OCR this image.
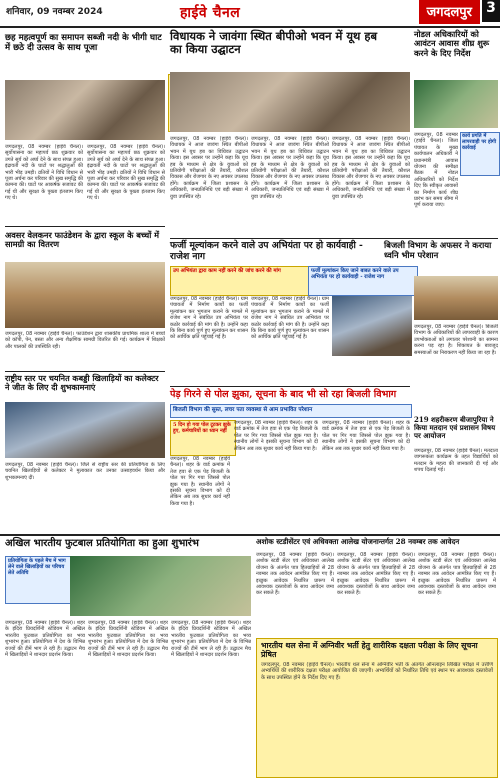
शनिवार, 09 नवम्बर 2024	हाईवे चैनल	जगदलपुर	3
छह महत्वपूर्ण का समापन सब्जी नदी के भीगी घाट में छठे दी उत्सव के साथ पूजा
जगदलपुर, 08 नवम्बर (हाईवे चैनल)। सूर्योपासना का महापर्व छठ शुक्रवार को उगते सूर्य को अर्घ्य देने के साथ संपन्न हुआ। इंद्रावती नदी के घाटों पर श्रद्धालुओं की भारी भीड़ उमड़ी। व्रतियों ने विधि विधान से पूजा अर्चना कर परिवार की सुख समृद्धि की कामना की। घाटों पर आकर्षक सजावट की गई थी और सुरक्षा के पुख्ता इंतजाम किए गए थे।
जगदलपुर, 08 नवम्बर (हाईवे चैनल)। सूर्योपासना का महापर्व छठ शुक्रवार को उगते सूर्य को अर्घ्य देने के साथ संपन्न हुआ। इंद्रावती नदी के घाटों पर श्रद्धालुओं की भारी भीड़ उमड़ी। व्रतियों ने विधि विधान से पूजा अर्चना कर परिवार की सुख समृद्धि की कामना की। घाटों पर आकर्षक सजावट की गई थी और सुरक्षा के पुख्ता इंतजाम किए गए थे।
अवसर वेलकनर फाउंडेशन के द्वारा स्कूल के बच्चों में सामग्री का वितरण
जगदलपुर, 08 नवम्बर (हाईवे चैनल)। फाउंडेशन द्वारा शासकीय प्राथमिक शाला में बच्चों को कॉपी, पेन, बस्ता और अन्य शैक्षणिक सामग्री वितरित की गई। कार्यक्रम में शिक्षकों और पालकों की उपस्थिति रही।
राष्ट्रीय स्तर पर चयनित कबड्डी खिलाड़ियों का कलेक्टर ने जीत के लिए दी शुभकामनाएं
विधायक ने जावंगा स्थित बीपीओ भवन में यूथ हब का किया उद्घाटन
जगदलपुर, 08 नवम्बर (हाईवे चैनल)। विधायक ने आज जावंगा स्थित बीपीओ भवन में यूथ हब का विधिवत उद्घाटन किया। इस अवसर पर उन्होंने कहा कि यूथ हब के माध्यम से क्षेत्र के युवाओं को प्रतियोगी परीक्षाओं की तैयारी, कौशल विकास और रोजगार के नए अवसर उपलब्ध होंगे। कार्यक्रम में जिला प्रशासन के अधिकारी, जनप्रतिनिधि एवं बड़ी संख्या में युवा उपस्थित रहे।
जगदलपुर, 08 नवम्बर (हाईवे चैनल)। विधायक ने आज जावंगा स्थित बीपीओ भवन में यूथ हब का विधिवत उद्घाटन किया। इस अवसर पर उन्होंने कहा कि यूथ हब के माध्यम से क्षेत्र के युवाओं को प्रतियोगी परीक्षाओं की तैयारी, कौशल विकास और रोजगार के नए अवसर उपलब्ध होंगे। कार्यक्रम में जिला प्रशासन के अधिकारी, जनप्रतिनिधि एवं बड़ी संख्या में युवा उपस्थित रहे।
जगदलपुर, 08 नवम्बर (हाईवे चैनल)। विधायक ने आज जावंगा स्थित बीपीओ भवन में यूथ हब का विधिवत उद्घाटन किया। इस अवसर पर उन्होंने कहा कि यूथ हब के माध्यम से क्षेत्र के युवाओं को प्रतियोगी परीक्षाओं की तैयारी, कौशल विकास और रोजगार के नए अवसर उपलब्ध होंगे। कार्यक्रम में जिला प्रशासन के अधिकारी, जनप्रतिनिधि एवं बड़ी संख्या में युवा उपस्थित रहे।
नोडल अधिकारियों को आवंटन आवास शीघ्र शुरू करने के दिए निर्देश
जगदलपुर, 08 नवम्बर (हाईवे चैनल)। जिला पंचायत के मुख्य कार्यपालन अधिकारी ने प्रधानमंत्री आवास योजना की समीक्षा बैठक में नोडल अधिकारियों को निर्देश दिए कि स्वीकृत आवासों का निर्माण कार्य शीघ्र प्रारंभ कर समय सीमा में पूर्ण कराया जाए।
कार्य प्रगति में लापरवाही पर होगी कार्रवाई
फर्जी मूल्यांकन करने वाले उप अभियंता पर हो कार्यवाही - राजेश नाग
उप अभियंता द्वारा काम नहीं करने की जांच करने की मांग	फर्जी मूल्यांकन किए जाने बाबत करने वाले उप अभियंता पर हो कार्यवाही - राजेश नाग
जगदलपुर, 08 नवम्बर (हाईवे चैनल)। ग्राम पंचायतों में निर्माण कार्यों का फर्जी मूल्यांकन कर भुगतान कराने के मामले में राजेश नाग ने संबंधित उप अभियंता पर कठोर कार्रवाई की मांग की है। उन्होंने कहा कि बिना कार्य पूर्ण हुए मूल्यांकन कर शासन को आर्थिक क्षति पहुंचाई गई है।
जगदलपुर, 08 नवम्बर (हाईवे चैनल)। ग्राम पंचायतों में निर्माण कार्यों का फर्जी मूल्यांकन कर भुगतान कराने के मामले में राजेश नाग ने संबंधित उप अभियंता पर कठोर कार्रवाई की मांग की है। उन्होंने कहा कि बिना कार्य पूर्ण हुए मूल्यांकन कर शासन को आर्थिक क्षति पहुंचाई गई है।
बिजली विभाग के अफसर ने कराया ध्वनि भीम परेशान
जगदलपुर, 08 नवम्बर (हाईवे चैनल)। बिजली विभाग के अधिकारियों की लापरवाही के कारण उपभोक्ताओं को लगातार परेशानी का सामना करना पड़ रहा है। शिकायत के बावजूद समस्याओं का निराकरण नहीं किया जा रहा है।
पेड़ गिरने से पोल झुका, सूचना के बाद भी सो रहा बिजली विभाग
बिजली विभाग की सुस्त, लचर पता व्यवस्था से आम प्रभावित परेशान
5 दिन हो गया पोल टूटकर झुके हुए, कर्मचारियों का ध्यान नहीं
जगदलपुर, 08 नवम्बर (हाईवे चैनल)। शहर के वार्ड क्रमांक में तेज हवा से एक पेड़ बिजली के पोल पर गिर गया जिससे पोल झुक गया है। स्थानीय लोगों ने इसकी सूचना विभाग को दी लेकिन अब तक सुधार कार्य नहीं किया गया है।
जगदलपुर, 08 नवम्बर (हाईवे चैनल)। शहर के वार्ड क्रमांक में तेज हवा से एक पेड़ बिजली के पोल पर गिर गया जिससे पोल झुक गया है। स्थानीय लोगों ने इसकी सूचना विभाग को दी लेकिन अब तक सुधार कार्य नहीं किया गया है।
जगदलपुर, 08 नवम्बर (हाईवे चैनल)। शहर के वार्ड क्रमांक में तेज हवा से एक पेड़ बिजली के पोल पर गिर गया जिससे पोल झुक गया है। स्थानीय लोगों ने इसकी सूचना विभाग को दी लेकिन अब तक सुधार कार्य नहीं किया गया है।
जगदलपुर, 08 नवम्बर (हाईवे चैनल)। जिले से राष्ट्रीय स्तर की प्रतियोगिता के लिए चयनित खिलाड़ियों से कलेक्टर ने मुलाकात कर उनका उत्साहवर्धन किया और शुभकामनाएं दीं।
219 शहरीकरण बीजापुरिया ने किया मतदान एवं प्रशासन विषय पर आयोजन
जगदलपुर, 08 नवम्बर (हाईवे चैनल)। मतदाता जागरूकता कार्यक्रम के तहत विद्यार्थियों को मतदान के महत्व की जानकारी दी गई और शपथ दिलाई गई।
अखिल भारतीय फुटबाल प्रतियोगिता का हुआ शुभारंभ
प्रतियोगिता के पहले मैच में भाग लेने वाले खिलाड़ियों का परिचय लेते अतिथि
जगदलपुर, 08 नवम्बर (हाईवे चैनल)। शहर के इंदिरा प्रियदर्शिनी स्टेडियम में अखिल भारतीय फुटबाल प्रतियोगिता का भव्य शुभारंभ हुआ। प्रतियोगिता में देश के विभिन्न राज्यों की टीमें भाग ले रही हैं। उद्घाटन मैच में खिलाड़ियों ने शानदार प्रदर्शन किया।
जगदलपुर, 08 नवम्बर (हाईवे चैनल)। शहर के इंदिरा प्रियदर्शिनी स्टेडियम में अखिल भारतीय फुटबाल प्रतियोगिता का भव्य शुभारंभ हुआ। प्रतियोगिता में देश के विभिन्न राज्यों की टीमें भाग ले रही हैं। उद्घाटन मैच में खिलाड़ियों ने शानदार प्रदर्शन किया।
जगदलपुर, 08 नवम्बर (हाईवे चैनल)। शहर के इंदिरा प्रियदर्शिनी स्टेडियम में अखिल भारतीय फुटबाल प्रतियोगिता का भव्य शुभारंभ हुआ। प्रतियोगिता में देश के विभिन्न राज्यों की टीमें भाग ले रही हैं। उद्घाटन मैच में खिलाड़ियों ने शानदार प्रदर्शन किया।
अशोक स्टडीसेंटर एवं अधिवक्ता आलेख योजनान्तर्गत 28 नवम्बर तक आवेदन
जगदलपुर, 08 नवम्बर (हाईवे चैनल)। अशोक स्टडी सेंटर एवं अधिवक्ता आलेख योजना के अंतर्गत पात्र हितग्राहियों से 28 नवम्बर तक आवेदन आमंत्रित किए गए हैं। इच्छुक आवेदक निर्धारित प्रारूप में आवश्यक दस्तावेजों के साथ आवेदन जमा कर सकते हैं।
जगदलपुर, 08 नवम्बर (हाईवे चैनल)। अशोक स्टडी सेंटर एवं अधिवक्ता आलेख योजना के अंतर्गत पात्र हितग्राहियों से 28 नवम्बर तक आवेदन आमंत्रित किए गए हैं। इच्छुक आवेदक निर्धारित प्रारूप में आवश्यक दस्तावेजों के साथ आवेदन जमा कर सकते हैं।
जगदलपुर, 08 नवम्बर (हाईवे चैनल)। अशोक स्टडी सेंटर एवं अधिवक्ता आलेख योजना के अंतर्गत पात्र हितग्राहियों से 28 नवम्बर तक आवेदन आमंत्रित किए गए हैं। इच्छुक आवेदक निर्धारित प्रारूप में आवश्यक दस्तावेजों के साथ आवेदन जमा कर सकते हैं।
भारतीय थल सेना में अग्निवीर भर्ती हेतु शारीरिक दक्षता परीक्षा के लिए सूचना प्रेषित
जगदलपुर, 08 नवम्बर (हाईवे चैनल)। भारतीय थल सेना में अग्निवीर भर्ती के अंतर्गत ऑनलाइन लिखित परीक्षा में उत्तीर्ण अभ्यर्थियों की शारीरिक दक्षता परीक्षा आयोजित की जाएगी। अभ्यर्थियों को निर्धारित तिथि एवं स्थान पर आवश्यक दस्तावेजों के साथ उपस्थित होने के निर्देश दिए गए हैं।
